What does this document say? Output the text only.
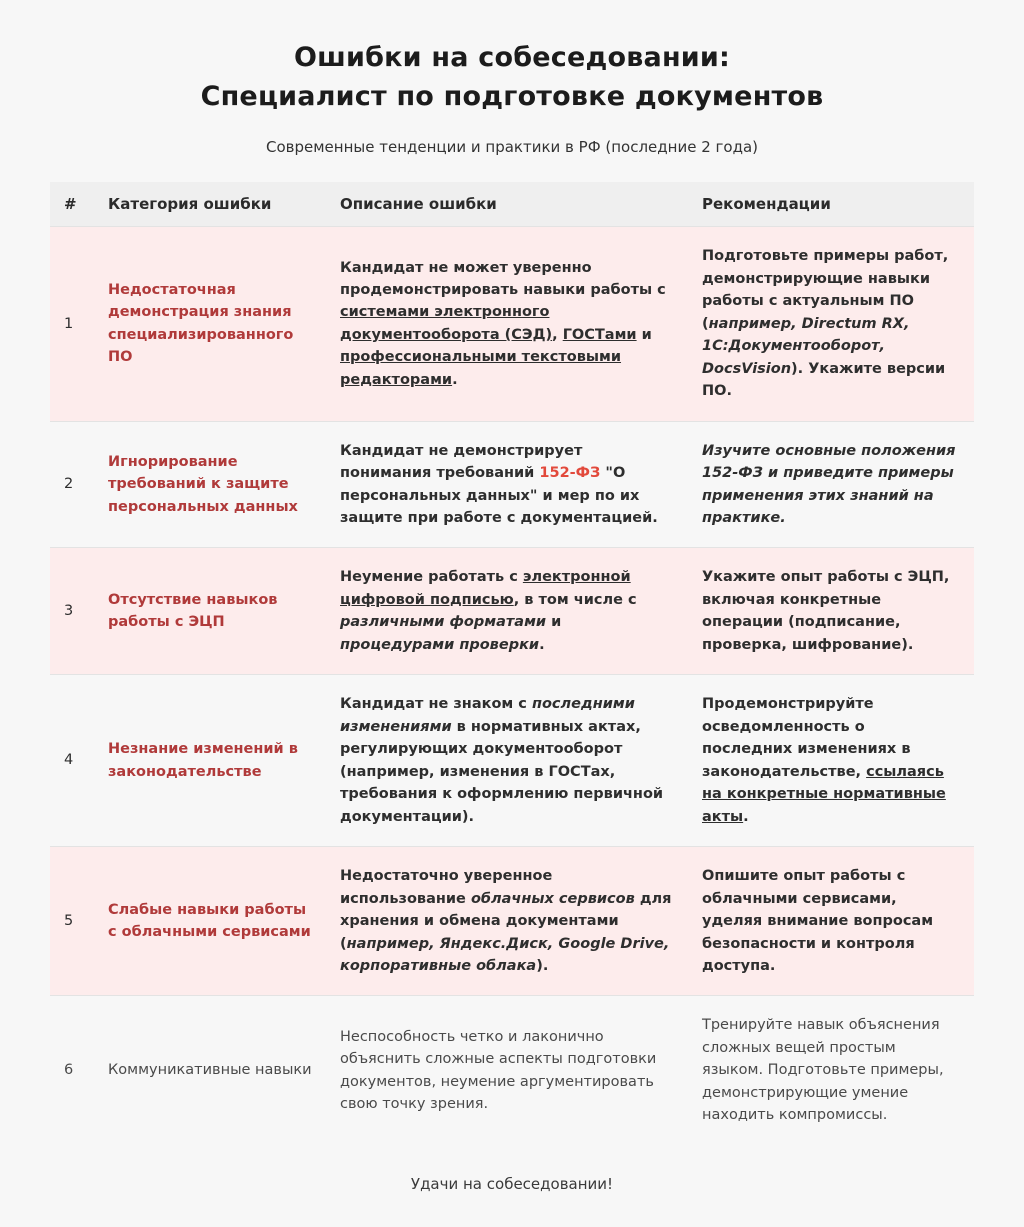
Ошибки на собеседовании:
Специалист по подготовке документов

Современные тенденции и практики в РФ (последние 2 года)

#	Категория ошибки	Описание ошибки	Рекомендации
1	Недостаточная демонстрация знания специализированного ПО	Кандидат не может уверенно продемонстрировать навыки работы с системами электронного документооборота (СЭД), ГОСТами и профессиональными текстовыми редакторами.	Подготовьте примеры работ, демонстрирующие навыки работы с актуальным ПО (например, Directum RX, 1С:Документооборот, DocsVision). Укажите версии ПО.
2	Игнорирование требований к защите персональных данных	Кандидат не демонстрирует понимания требований 152-ФЗ "О персональных данных" и мер по их защите при работе с документацией.	Изучите основные положения 152-ФЗ и приведите примеры применения этих знаний на практике.
3	Отсутствие навыков работы с ЭЦП	Неумение работать с электронной цифровой подписью, в том числе с различными форматами и процедурами проверки.	Укажите опыт работы с ЭЦП, включая конкретные операции (подписание, проверка, шифрование).
4	Незнание изменений в законодательстве	Кандидат не знаком с последними изменениями в нормативных актах, регулирующих документооборот (например, изменения в ГОСТах, требования к оформлению первичной документации).	Продемонстрируйте осведомленность о последних изменениях в законодательстве, ссылаясь на конкретные нормативные акты.
5	Слабые навыки работы с облачными сервисами	Недостаточно уверенное использование облачных сервисов для хранения и обмена документами (например, Яндекс.Диск, Google Drive, корпоративные облака).	Опишите опыт работы с облачными сервисами, уделяя внимание вопросам безопасности и контроля доступа.
6	Коммуникативные навыки	Неспособность четко и лаконично объяснить сложные аспекты подготовки документов, неумение аргументировать свою точку зрения.	Тренируйте навык объяснения сложных вещей простым языком. Подготовьте примеры, демонстрирующие умение находить компромиссы.

Удачи на собеседовании!
